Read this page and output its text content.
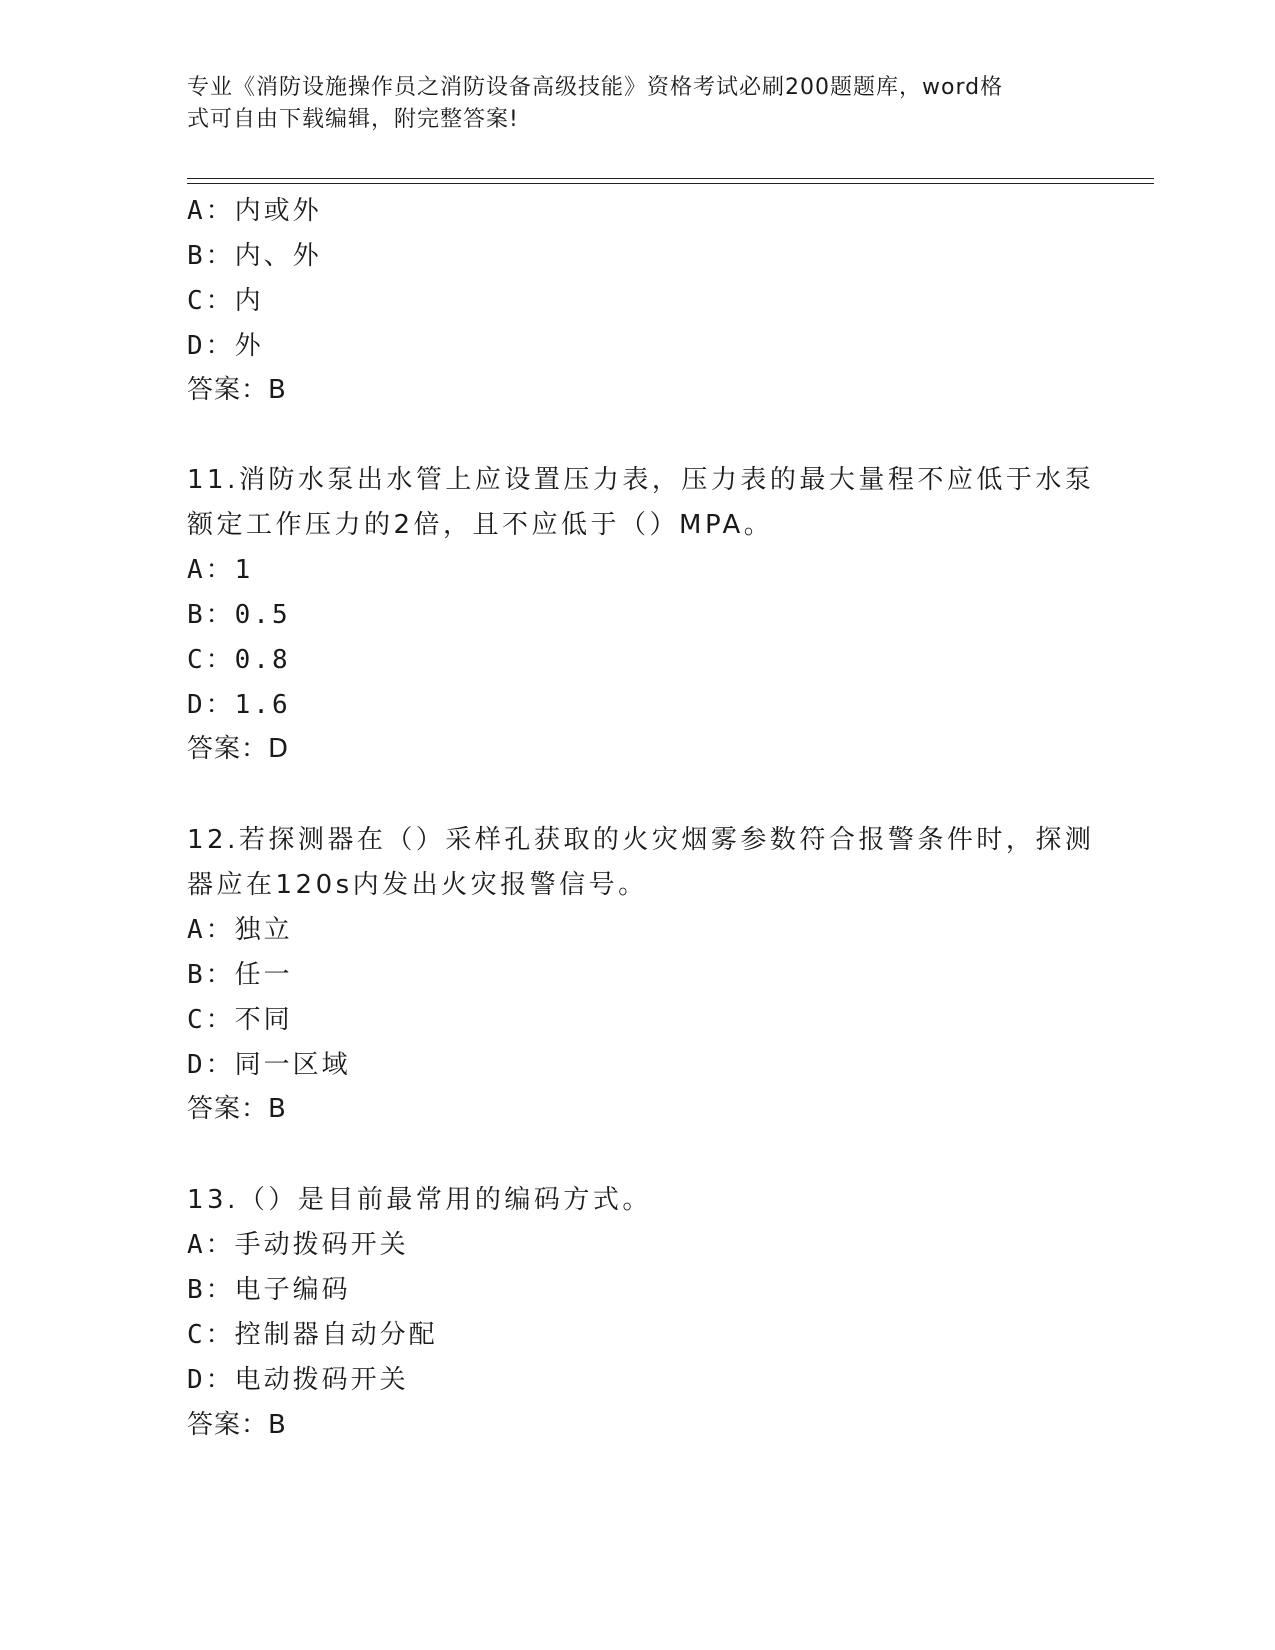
专业《消防设施操作员之消防设备高级技能》资格考试必刷200题题库，word格
式可自由下载编辑，附完整答案!
A：内或外
B：内、外
C：内
D：外
答案：B
11.消防水泵出水管上应设置压力表，压力表的最大量程不应低于水泵
额定工作压力的2倍，且不应低于（）MPA。
A：1
B：0.5
C：0.8
D：1.6
答案：D
12.若探测器在（）采样孔获取的火灾烟雾参数符合报警条件时，探测
器应在120s内发出火灾报警信号。
A：独立
B：任一
C：不同
D：同一区域
答案：B
13.（）是目前最常用的编码方式。
A：手动拨码开关
B：电子编码
C：控制器自动分配
D：电动拨码开关
答案：B
